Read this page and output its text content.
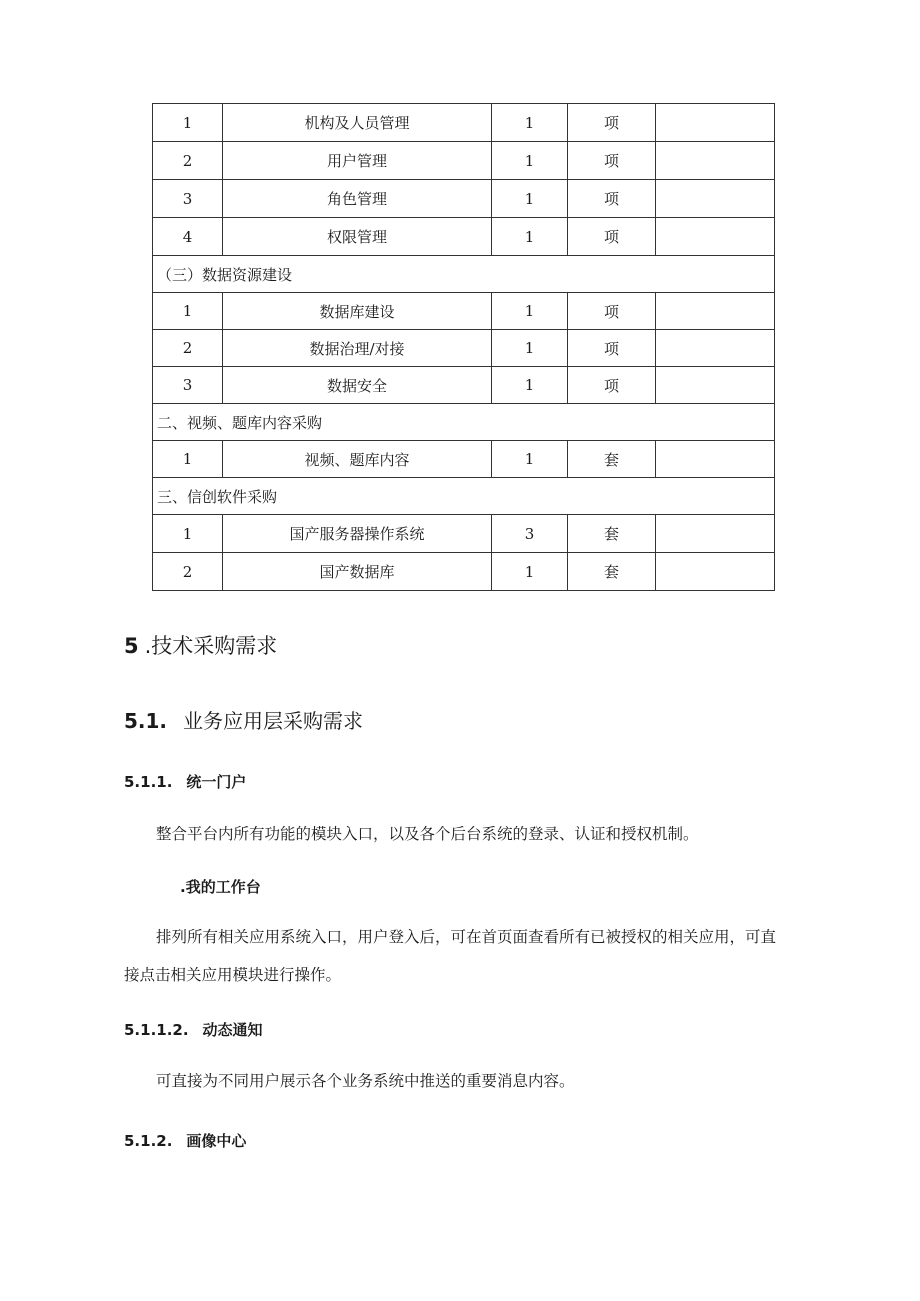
1	机构及人员管理	1	项	
2	用户管理	1	项	
3	角色管理	1	项	
4	权限管理	1	项	
（三）数据资源建设				
1	数据库建设	1	项	
2	数据治理/对接	1	项	
3	数据安全	1	项	
二、视频、题库内容采购				
1	视频、题库内容	1	套	
三、信创软件采购				
1	国产服务器操作系统	3	套	
2	国产数据库	1	套	
5 .技术采购需求
5.1. 业务应用层采购需求
5.1.1. 统一门户

整合平台内所有功能的模块入口，以及各个后台系统的登录、认证和授权机制。

.我的工作台

排列所有相关应用系统入口，用户登入后，可在首页面查看所有已被授权的相关应用，可直接点击相关应用模块进行操作。

5.1.1.2. 动态通知

可直接为不同用户展示各个业务系统中推送的重要消息内容。

5.1.2. 画像中心
